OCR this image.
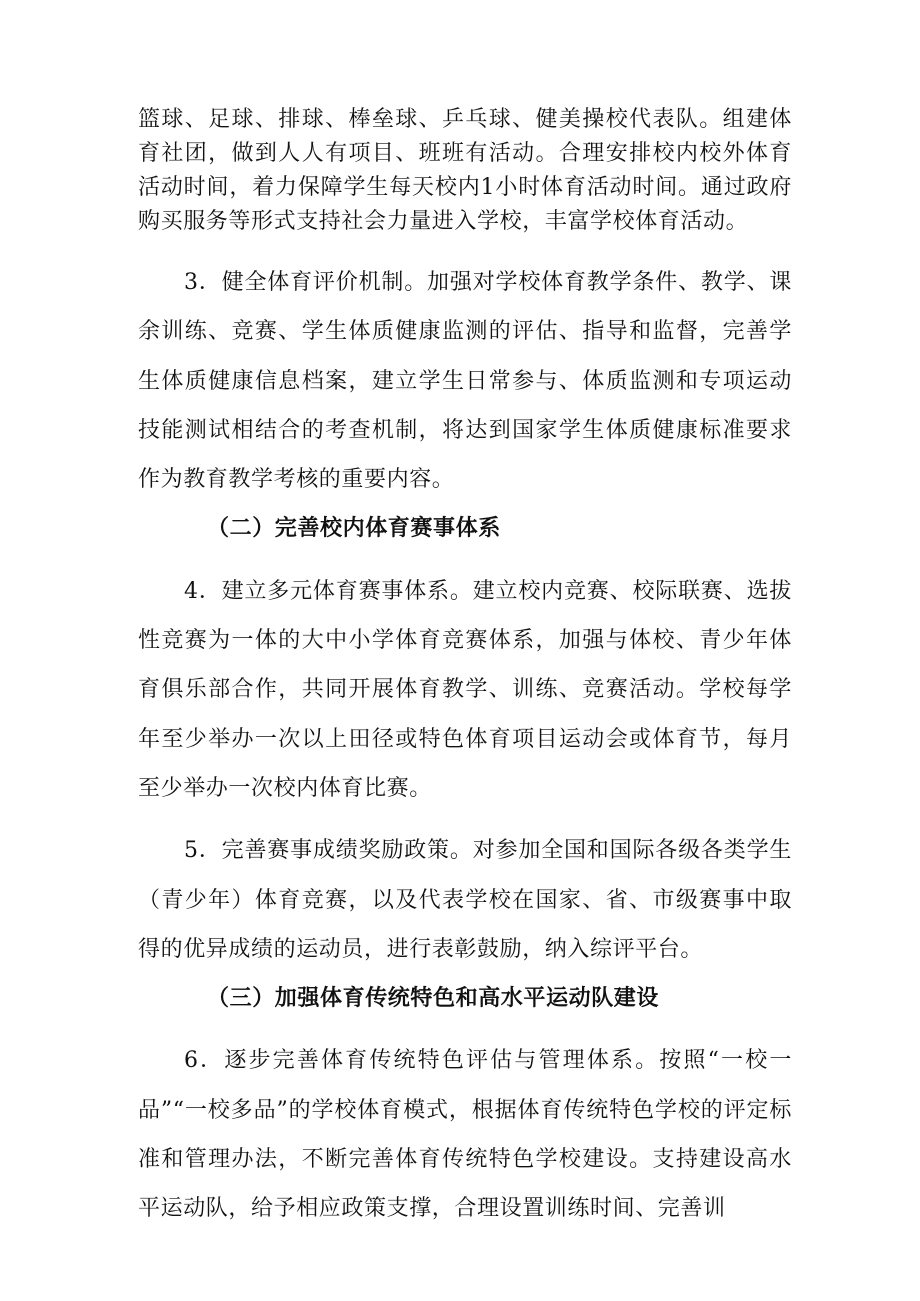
篮球、足球、排球、棒垒球、乒乓球、健美操校代表队。组建体育社团，做到人人有项目、班班有活动。合理安排校内校外体育活动时间，着力保障学生每天校内1小时体育活动时间。通过政府购买服务等形式支持社会力量进入学校，丰富学校体育活动。

3．健全体育评价机制。加强对学校体育教学条件、教学、课余训练、竞赛、学生体质健康监测的评估、指导和监督，完善学生体质健康信息档案，建立学生日常参与、体质监测和专项运动技能测试相结合的考查机制，将达到国家学生体质健康标准要求作为教育教学考核的重要内容。

（二）完善校内体育赛事体系

4．建立多元体育赛事体系。建立校内竞赛、校际联赛、选拔性竞赛为一体的大中小学体育竞赛体系，加强与体校、青少年体育俱乐部合作，共同开展体育教学、训练、竞赛活动。学校每学年至少举办一次以上田径或特色体育项目运动会或体育节，每月至少举办一次校内体育比赛。

5．完善赛事成绩奖励政策。对参加全国和国际各级各类学生（青少年）体育竞赛，以及代表学校在国家、省、市级赛事中取得的优异成绩的运动员，进行表彰鼓励，纳入综评平台。

（三）加强体育传统特色和高水平运动队建设

6．逐步完善体育传统特色评估与管理体系。按照“一校一品”“一校多品”的学校体育模式，根据体育传统特色学校的评定标准和管理办法，不断完善体育传统特色学校建设。支持建设高水平运动队，给予相应政策支撑，合理设置训练时间、完善训
